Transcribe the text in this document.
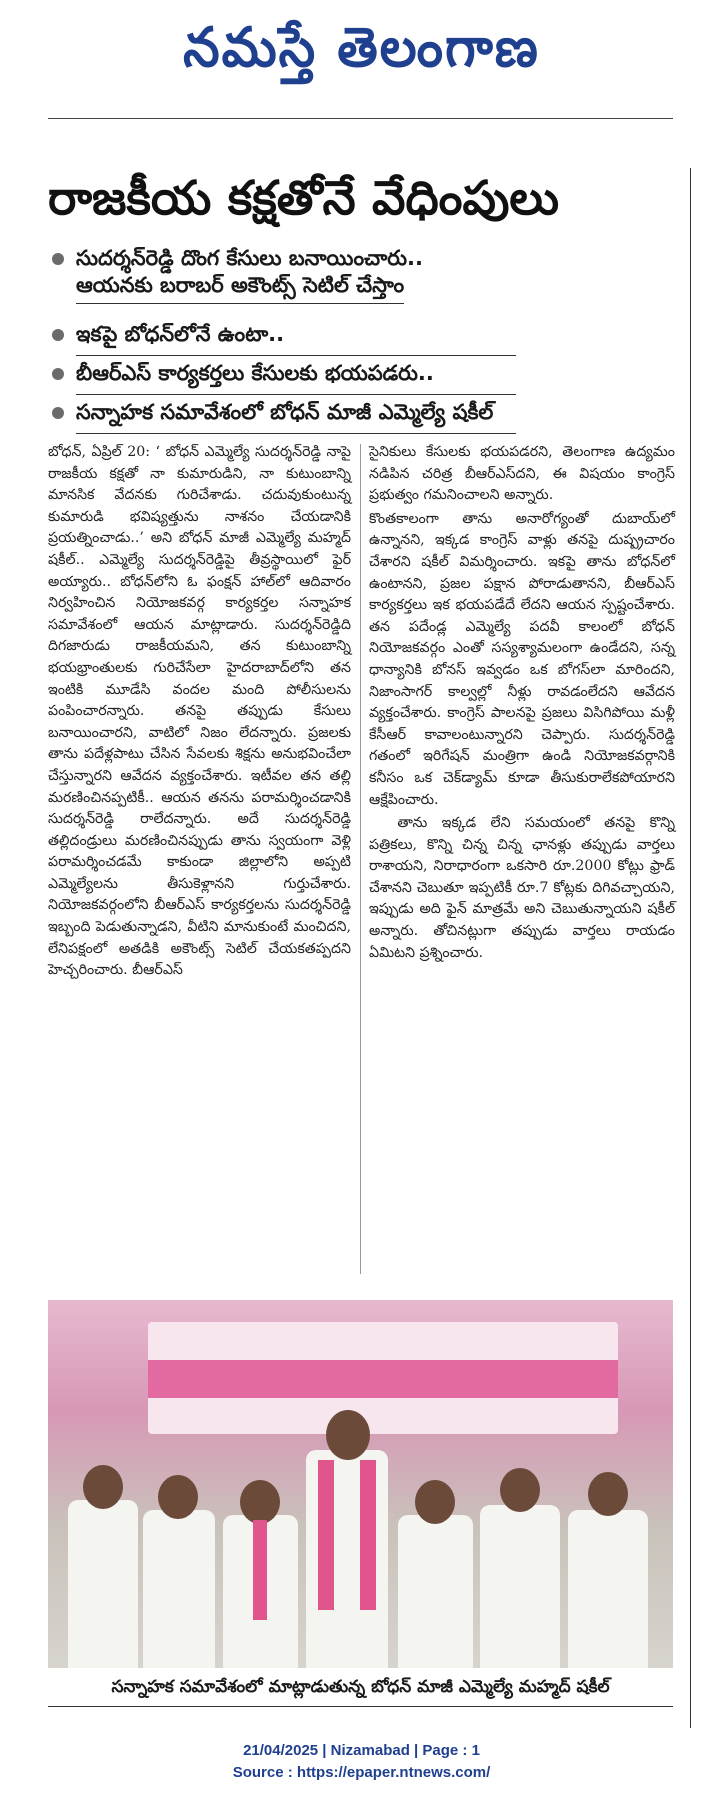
నమస్తే తెలంగాణ
రాజకీయ కక్షతోనే వేధింపులు
సుదర్శన్‌రెడ్డి దొంగ కేసులు బనాయించారు..
ఆయనకు బరాబర్ అకౌంట్స్ సెటిల్ చేస్తాం
ఇకపై బోధన్‌లోనే ఉంటా..
బీఆర్‌ఎస్ కార్యకర్తలు కేసులకు భయపడరు..
సన్నాహక సమావేశంలో బోధన్ మాజీ ఎమ్మెల్యే షకీల్

బోధన్, ఏప్రిల్ 20: ‘ బోధన్ ఎమ్మెల్యే సుదర్శన్‌రెడ్డి నాపై రాజకీయ కక్షతో నా కుమారుడిని, నా కుటుంబాన్ని మానసిక వేదనకు గురిచేశాడు. చదువుకుంటున్న కుమారుడి భవిష్యత్తును నాశనం చేయడానికి ప్రయత్నించాడు..’ అని బోధన్ మాజీ ఎమ్మెల్యే మహ్మద్ షకీల్.. ఎమ్మెల్యే సుదర్శన్‌రెడ్డిపై తీవ్రస్థాయిలో ఫైర్ అయ్యారు.. బోధన్‌లోని ఓ ఫంక్షన్ హాల్‌లో ఆదివారం నిర్వహించిన నియోజకవర్గ కార్యకర్తల సన్నాహక సమావేశంలో ఆయన మాట్లాడారు. సుదర్శన్‌రెడ్డిది దిగజారుడు రాజకీయమని, తన కుటుంబాన్ని భయభ్రాంతులకు గురిచేసేలా హైదరాబాద్‌లోని తన ఇంటికి మూడేసి వందల మంది పోలీసులను పంపించారన్నారు. తనపై తప్పుడు కేసులు బనాయించారని, వాటిలో నిజం లేదన్నారు. ప్రజలకు తాను పదేళ్లపాటు చేసిన సేవలకు శిక్షను అనుభవించేలా చేస్తున్నారని ఆవేదన వ్యక్తంచేశారు. ఇటీవల తన తల్లి మరణించినప్పటికీ.. ఆయన తనను పరామర్శించడానికి సుదర్శన్‌రెడ్డి రాలేదన్నారు. అదే సుదర్శన్‌రెడ్డి తల్లిదండ్రులు మరణించినప్పుడు తాను స్వయంగా వెళ్లి పరామర్శించడమే కాకుండా జిల్లాలోని అప్పటి ఎమ్మెల్యేలను తీసుకెళ్లానని గుర్తుచేశారు. నియోజకవర్గంలోని బీఆర్‌ఎస్ కార్యకర్తలను సుదర్శన్‌రెడ్డి ఇబ్బంది పెడుతున్నాడని, వీటిని మానుకుంటే మంచిదని, లేనిపక్షంలో అతడికి అకౌంట్స్ సెటిల్ చేయకతప్పదని హెచ్చరించారు. బీఆర్‌ఎస్

సైనికులు కేసులకు భయపడరని, తెలంగాణ ఉద్యమం నడిపిన చరిత్ర బీఆర్‌ఎస్‌దని, ఈ విషయం కాంగ్రెస్ ప్రభుత్వం గమనించాలని అన్నారు.

కొంతకాలంగా తాను అనారోగ్యంతో దుబాయ్‌లో ఉన్నానని, ఇక్కడ కాంగ్రెస్ వాళ్లు తనపై దుష్ప్రచారం చేశారని షకీల్ విమర్శించారు. ఇకపై తాను బోధన్‌లో ఉంటానని, ప్రజల పక్షాన పోరాడుతానని, బీఆర్‌ఎస్ కార్యకర్తలు ఇక భయపడేదే లేదని ఆయన స్పష్టంచేశారు. తన పదేండ్ల ఎమ్మెల్యే పదవీ కాలంలో బోధన్ నియోజకవర్గం ఎంతో సస్యశ్యామలంగా ఉండేదని, సన్న ధాన్యానికి బోనస్ ఇవ్వడం ఒక బోగస్‌లా మారిందని, నిజాంసాగర్ కాల్వల్లో నీళ్లు రావడంలేదని ఆవేదన వ్యక్తంచేశారు. కాంగ్రెస్ పాలనపై ప్రజలు విసిగిపోయి మళ్లీ కేసీఆర్ కావాలంటున్నారని చెప్పారు. సుదర్శన్‌రెడ్డి గతంలో ఇరిగేషన్ మంత్రిగా ఉండి నియోజకవర్గానికి కనీసం ఒక చెక్‌డ్యామ్ కూడా తీసుకురాలేకపోయారని ఆక్షేపించారు.

తాను ఇక్కడ లేని సమయంలో తనపై కొన్ని పత్రికలు, కొన్ని చిన్న చిన్న ఛానళ్లు తప్పుడు వార్తలు రాశాయని, నిరాధారంగా ఒకసారి రూ.2000 కోట్లు ఫ్రాడ్ చేశానని చెబుతూ ఇప్పటికీ రూ.7 కోట్లకు దిగివచ్చాయని, ఇప్పుడు అది ఫైన్ మాత్రమే అని చెబుతున్నాయని షకీల్ అన్నారు. తోచినట్లుగా తప్పుడు వార్తలు రాయడం ఏమిటని ప్రశ్నించారు.

సన్నాహక సమావేశంలో మాట్లాడుతున్న బోధన్ మాజీ ఎమ్మెల్యే మహ్మద్ షకీల్
21/04/2025 | Nizamabad | Page : 1
Source : https://epaper.ntnews.com/
